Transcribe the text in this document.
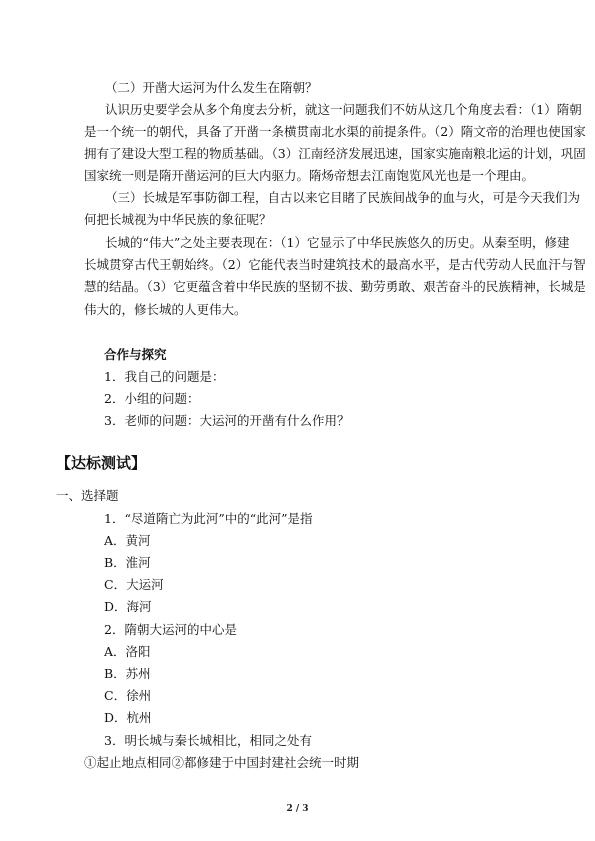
（二）开凿大运河为什么发生在隋朝？
认识历史要学会从多个角度去分析，就这一问题我们不妨从这几个角度去看：（1）隋朝
是一个统一的朝代，具备了开凿一条横贯南北水渠的前提条件。（2）隋文帝的治理也使国家
拥有了建设大型工程的物质基础。（3）江南经济发展迅速，国家实施南粮北运的计划，巩固
国家统一则是隋开凿运河的巨大内驱力。隋炀帝想去江南饱览风光也是一个理由。
（三）长城是军事防御工程，自古以来它目睹了民族间战争的血与火，可是今天我们为
何把长城视为中华民族的象征呢？
长城的“伟大”之处主要表现在：（1）它显示了中华民族悠久的历史。从秦至明，修建
长城贯穿古代王朝始终。（2）它能代表当时建筑技术的最高水平，是古代劳动人民血汗与智
慧的结晶。（3）它更蕴含着中华民族的坚韧不拔、勤劳勇敢、艰苦奋斗的民族精神，长城是
伟大的，修长城的人更伟大。
合作与探究
1．我自己的问题是：
2．小组的问题：
3．老师的问题：大运河的开凿有什么作用？
【达标测试】
一、选择题
1．“尽道隋亡为此河”中的“此河”是指
A．黄河
B．淮河
C．大运河
D．海河
2．隋朝大运河的中心是
A．洛阳
B．苏州
C．徐州
D．杭州
3．明长城与秦长城相比，相同之处有
①起止地点相同②都修建于中国封建社会统一时期
2 / 3
